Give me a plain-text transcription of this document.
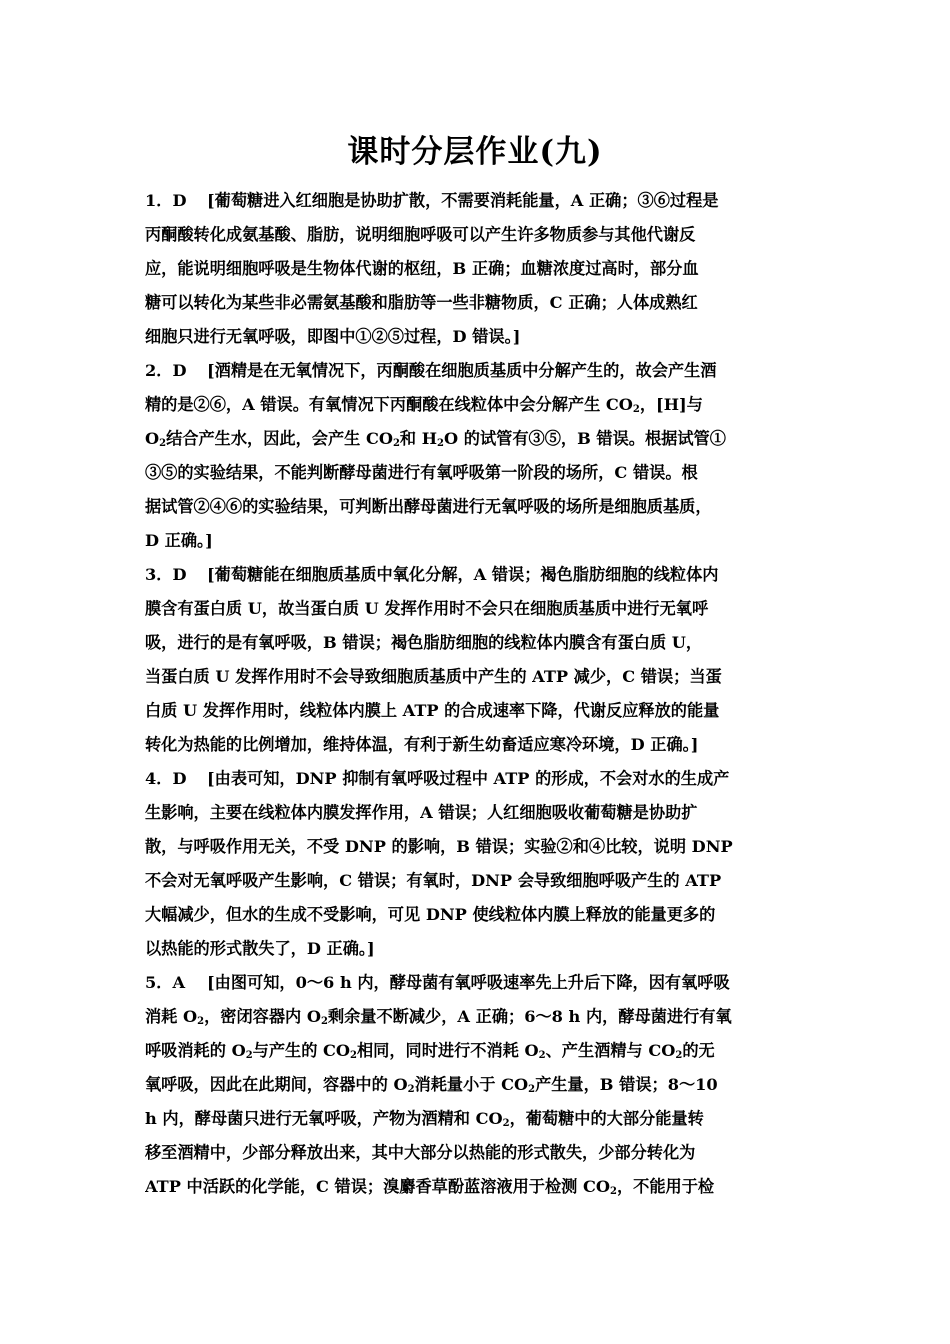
课时分层作业(九)
1．D [葡萄糖进入红细胞是协助扩散，不需要消耗能量，A 正确；③⑥过程是
丙酮酸转化成氨基酸、脂肪，说明细胞呼吸可以产生许多物质参与其他代谢反
应，能说明细胞呼吸是生物体代谢的枢纽，B 正确；血糖浓度过高时，部分血
糖可以转化为某些非必需氨基酸和脂肪等一些非糖物质，C 正确；人体成熟红
细胞只进行无氧呼吸，即图中①②⑤过程，D 错误。]
2．D [酒精是在无氧情况下，丙酮酸在细胞质基质中分解产生的，故会产生酒
精的是②⑥，A 错误。有氧情况下丙酮酸在线粒体中会分解产生 $CO_2$，[H]与
$O_2$结合产生水，因此，会产生 $CO_2$和 $H_2O$ 的试管有③⑤，B 错误。根据试管①
③⑤的实验结果，不能判断酵母菌进行有氧呼吸第一阶段的场所，C 错误。根
据试管②④⑥的实验结果，可判断出酵母菌进行无氧呼吸的场所是细胞质基质，
D 正确。]
3．D [葡萄糖能在细胞质基质中氧化分解，A 错误；褐色脂肪细胞的线粒体内
膜含有蛋白质 U，故当蛋白质 U 发挥作用时不会只在细胞质基质中进行无氧呼
吸，进行的是有氧呼吸，B 错误；褐色脂肪细胞的线粒体内膜含有蛋白质 U，
当蛋白质 U 发挥作用时不会导致细胞质基质中产生的 ATP 减少，C 错误；当蛋
白质 U 发挥作用时，线粒体内膜上 ATP 的合成速率下降，代谢反应释放的能量
转化为热能的比例增加，维持体温，有利于新生幼畜适应寒冷环境，D 正确。]
4．D [由表可知，DNP 抑制有氧呼吸过程中 ATP 的形成，不会对水的生成产
生影响，主要在线粒体内膜发挥作用，A 错误；人红细胞吸收葡萄糖是协助扩
散，与呼吸作用无关，不受 DNP 的影响，B 错误；实验②和④比较，说明 DNP
不会对无氧呼吸产生影响，C 错误；有氧时，DNP 会导致细胞呼吸产生的 ATP
大幅减少，但水的生成不受影响，可见 DNP 使线粒体内膜上释放的能量更多的
以热能的形式散失了，D 正确。]
5．A [由图可知，0～6 h 内，酵母菌有氧呼吸速率先上升后下降，因有氧呼吸
消耗 $O_2$，密闭容器内 $O_2$剩余量不断减少，A 正确；6～8 h 内，酵母菌进行有氧
呼吸消耗的 $O_2$与产生的 $CO_2$相同，同时进行不消耗 $O_2$、产生酒精与 $CO_2$的无
氧呼吸，因此在此期间，容器中的 $O_2$消耗量小于 $CO_2$产生量，B 错误；8～10
h 内，酵母菌只进行无氧呼吸，产物为酒精和 $CO_2$，葡萄糖中的大部分能量转
移至酒精中，少部分释放出来，其中大部分以热能的形式散失，少部分转化为
ATP 中活跃的化学能，C 错误；溴麝香草酚蓝溶液用于检测 $CO_2$，不能用于检
